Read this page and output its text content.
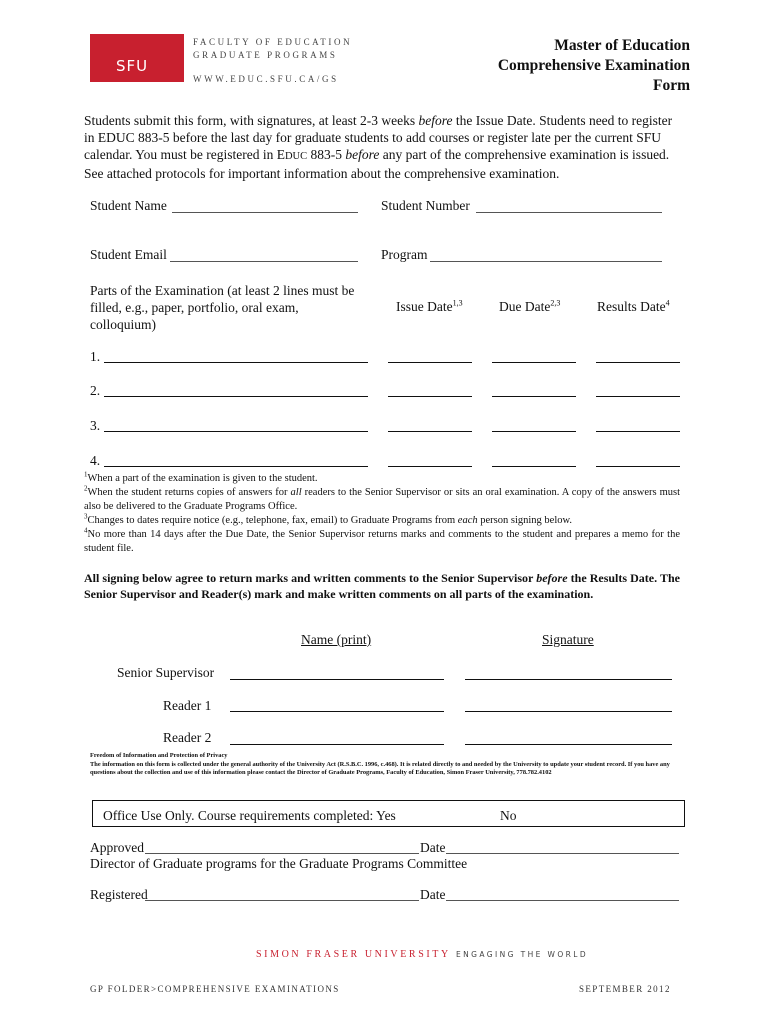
SFU
FACULTY OF EDUCATION
GRADUATE PROGRAMS
WWW.EDUC.SFU.CA/GS
Master of Education
Comprehensive Examination
Form
Students submit this form, with signatures, at least 2-3 weeks before the Issue Date. Students need to register in EDUC 883-5 before the last day for graduate students to add courses or register late per the current SFU calendar. You must be registered in EDUC 883-5 before any part of the comprehensive examination is issued. See attached protocols for important information about the comprehensive examination.
Student Name	Student Number
Student Email	Program
Parts of the Examination (at least 2 lines must be filled, e.g., paper, portfolio, oral exam, colloquium)
Issue Date$^{1,3}$	Due Date$^{2,3}$	Results Date$^4$
1.
2.
3.
4.
$^1$When a part of the examination is given to the student.
$^2$When the student returns copies of answers for all readers to the Senior Supervisor or sits an oral examination. A copy of the answers must also be delivered to the Graduate Programs Office.
$^3$Changes to dates require notice (e.g., telephone, fax, email) to Graduate Programs from each person signing below.
$^4$No more than 14 days after the Due Date, the Senior Supervisor returns marks and comments to the student and prepares a memo for the student file.
All signing below agree to return marks and written comments to the Senior Supervisor before the Results Date. The Senior Supervisor and Reader(s) mark and make written comments on all parts of the examination.
Name (print)	Signature
Senior Supervisor
Reader 1
Reader 2
Freedom of Information and Protection of Privacy
The information on this form is collected under the general authority of the University Act (R.S.B.C. 1996, c.468). It is related directly to and needed by the University to update your student record. If you have any questions about the collection and use of this information please contact the Director of Graduate Programs, Faculty of Education, Simon Fraser University, 778.782.4102
Office Use Only. Course requirements completed: Yes	No
Approved	Date
Director of Graduate programs for the Graduate Programs Committee
Registered	Date
SIMON FRASER UNIVERSITY ENGAGING THE WORLD
GP FOLDER>COMPREHENSIVE EXAMINATIONS	SEPTEMBER 2012
